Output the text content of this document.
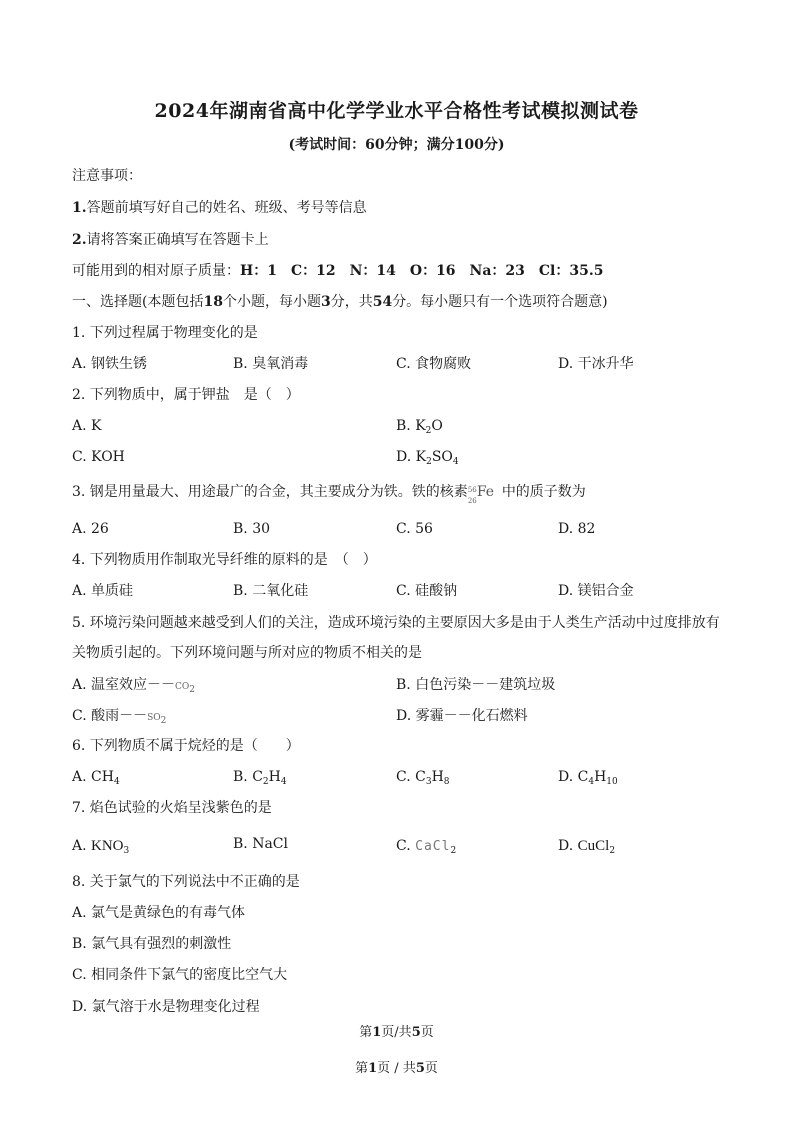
2024年湖南省高中化学学业水平合格性考试模拟测试卷
(考试时间：60分钟；满分100分)
注意事项：
1.答题前填写好自己的姓名、班级、考号等信息
2.请将答案正确填写在答题卡上
可能用到的相对原子质量：H：1　C：12　N：14　O：16　Na：23　Cl：35.5
一、选择题(本题包括18个小题，每小题3分，共54分。每小题只有一个选项符合题意)
1. 下列过程属于物理变化的是
A. 钢铁生锈	B. 臭氧消毒	C. 食物腐败	D. 干冰升华
2. 下列物质中，属于钾盐　是（　）
A. K	B. $K_2O$
C. KOH	D. $K_2SO_4$
3. 钢是用量最大、用途最广的合金，其主要成分为铁。铁的核素 56
26
Fe 中的质子数为
A. 26	B. 30	C. 56	D. 82
4. 下列物质用作制取光导纤维的原料的是　（　）
A. 单质硅	B. 二氧化硅	C. 硅酸钠	D. 镁铝合金
5. 环境污染问题越来越受到人们的关注，造成环境污染的主要原因大多是由于人类生产活动中过度排放有
关物质引起的。下列环境问题与所对应的物质不相关的是
A. 温室效应$--CO_2$	B. 白色污染－－建筑垃圾
C. 酸雨$--SO_2$	D. 雾霾－－化石燃料
6. 下列物质不属于烷烃的是（　　）
A. $CH_4$	B. $C_2H_4$	C. $C_3H_8$	D. $C_4H_{10}$
7. 焰色试验的火焰呈浅紫色的是
A. $KNO_3$	B. NaCl	C. CaCl$_2$	D. CuCl$_2$
8. 关于氯气的下列说法中不正确的是
A. 氯气是黄绿色的有毒气体
B. 氯气具有强烈的刺激性
C. 相同条件下氯气的密度比空气大
D. 氯气溶于水是物理变化过程
第1页/共5页
第1页 / 共5页
